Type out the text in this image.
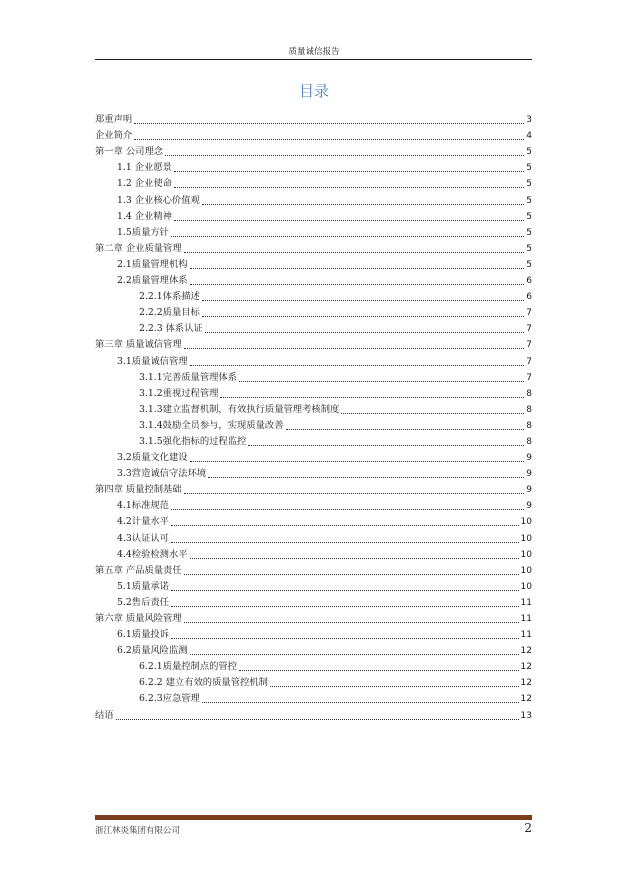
质量诚信报告
目录
郑重声明	3
企业简介	4
第一章 公司理念	5
1.1 企业愿景	5
1.2 企业使命	5
1.3 企业核心价值观	5
1.4 企业精神	5
1.5质量方针	5
第二章 企业质量管理	5
2.1质量管理机构	5
2.2质量管理体系	6
2.2.1体系描述	6
2.2.2质量目标	7
2.2.3 体系认证	7
第三章 质量诚信管理	7
3.1质量诚信管理	7
3.1.1完善质量管理体系	7
3.1.2重视过程管理	8
3.1.3建立监督机制，有效执行质量管理考核制度	8
3.1.4鼓励全员参与，实现质量改善	8
3.1.5强化指标的过程监控	8
3.2质量文化建设	9
3.3营造诚信守法环境	9
第四章 质量控制基础	9
4.1标准规范	9
4.2计量水平	10
4.3认证认可	10
4.4检验检测水平	10
第五章 产品质量责任	10
5.1质量承诺	10
5.2售后责任	11
第六章 质量风险管理	11
6.1质量投诉	11
6.2质量风险监测	12
6.2.1质量控制点的管控	12
6.2.2 建立有效的质量管控机制	12
6.2.3应急管理	12
结语	13
浙江林炎集团有限公司	2
